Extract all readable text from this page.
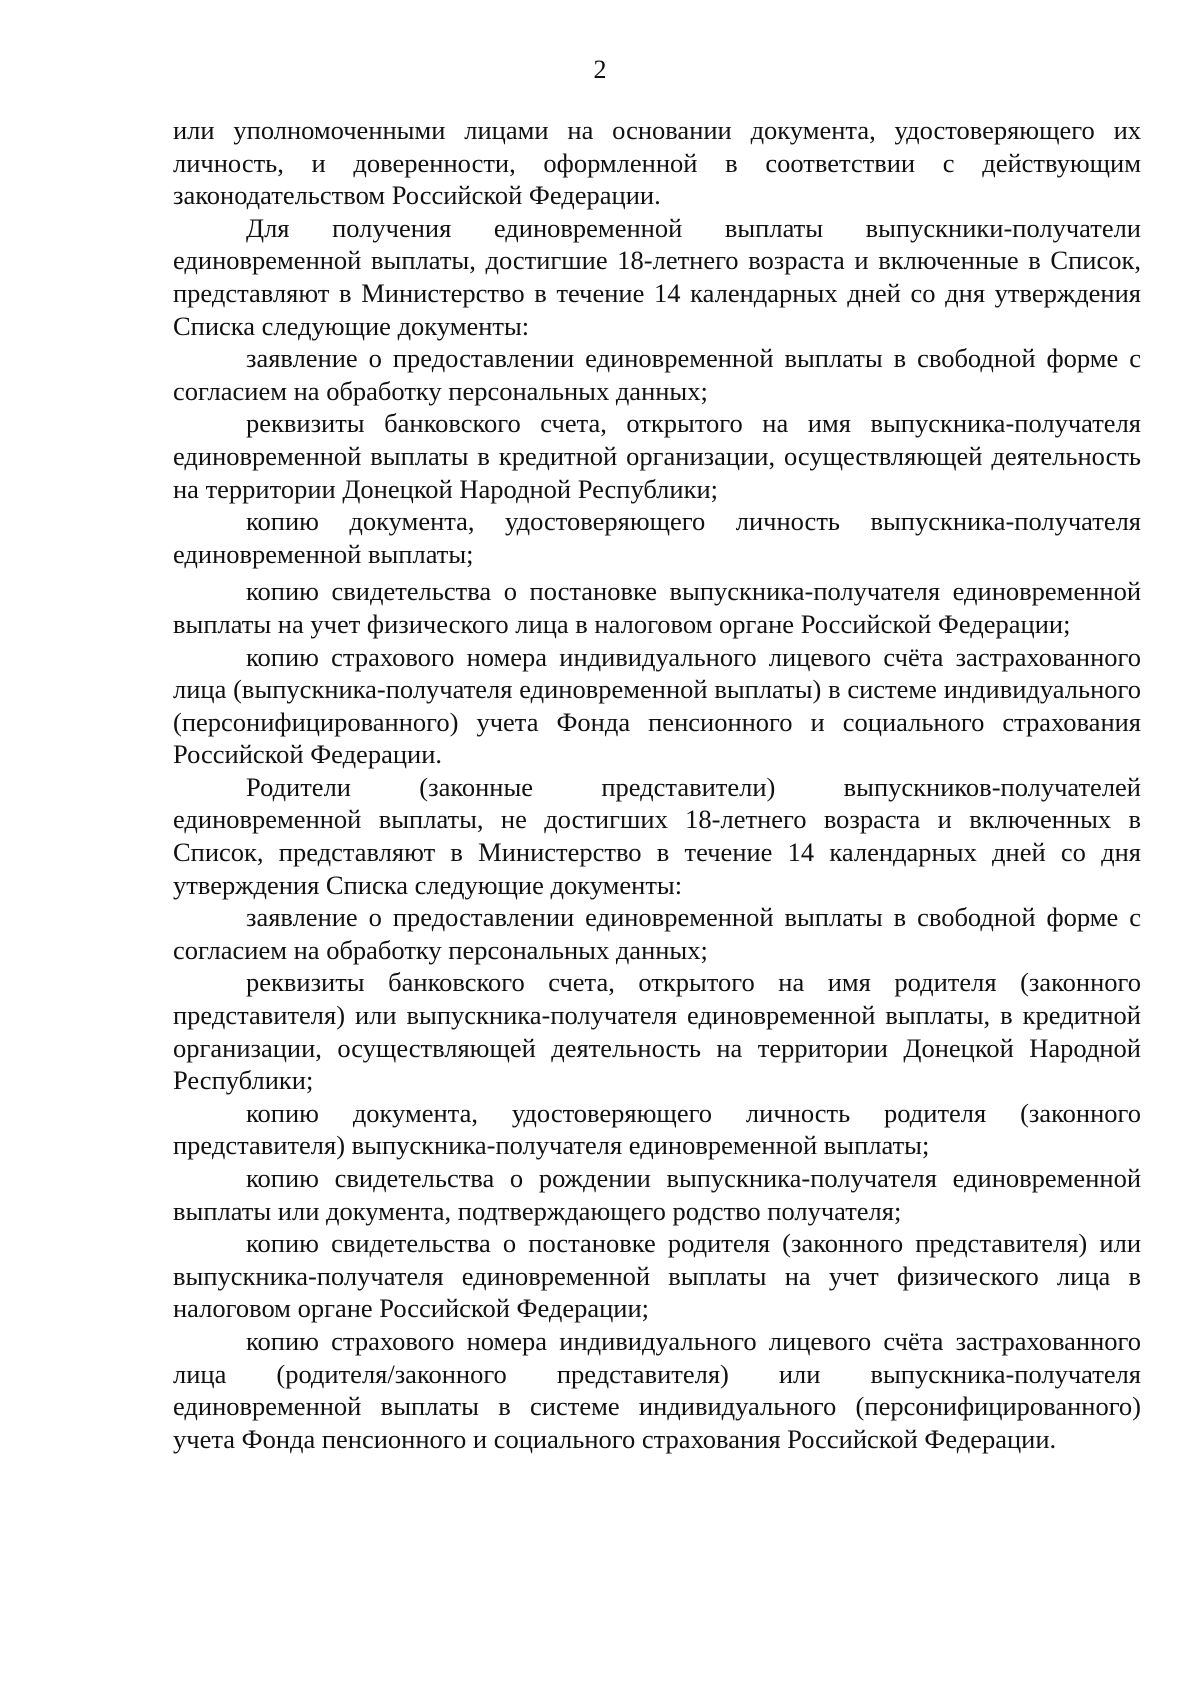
2

или уполномоченными лицами на основании документа, удостоверяющего их личность, и доверенности, оформленной в соответствии с действующим законодательством Российской Федерации.

Для получения единовременной выплаты выпускники-получатели единовременной выплаты, достигшие 18-летнего возраста и включенные в Список, представляют в Министерство в течение 14 календарных дней со дня утверждения Списка следующие документы:

заявление о предоставлении единовременной выплаты в свободной форме с согласием на обработку персональных данных;

реквизиты банковского счета, открытого на имя выпускника-получателя единовременной выплаты в кредитной организации, осуществляющей деятельность на территории Донецкой Народной Республики;

копию документа, удостоверяющего личность выпускника-получателя единовременной выплаты;

копию свидетельства о постановке выпускника-получателя единовременной выплаты на учет физического лица в налоговом органе Российской Федерации;

копию страхового номера индивидуального лицевого счёта застрахованного лица (выпускника-получателя единовременной выплаты) в системе индивидуального (персонифицированного) учета Фонда пенсионного и социального страхования Российской Федерации.

Родители (законные представители) выпускников-получателей единовременной выплаты, не достигших 18-летнего возраста и включенных в Список, представляют в Министерство в течение 14 календарных дней со дня утверждения Списка следующие документы:

заявление о предоставлении единовременной выплаты в свободной форме с согласием на обработку персональных данных;

реквизиты банковского счета, открытого на имя родителя (законного представителя) или выпускника-получателя единовременной выплаты, в кредитной организации, осуществляющей деятельность на территории Донецкой Народной Республики;

копию документа, удостоверяющего личность родителя (законного представителя) выпускника-получателя единовременной выплаты;

копию свидетельства о рождении выпускника-получателя единовременной выплаты или документа, подтверждающего родство получателя;

копию свидетельства о постановке родителя (законного представителя) или выпускника-получателя единовременной выплаты на учет физического лица в налоговом органе Российской Федерации;

копию страхового номера индивидуального лицевого счёта застрахованного лица (родителя/законного представителя) или выпускника-получателя единовременной выплаты в системе индивидуального (персонифицированного) учета Фонда пенсионного и социального страхования Российской Федерации.
